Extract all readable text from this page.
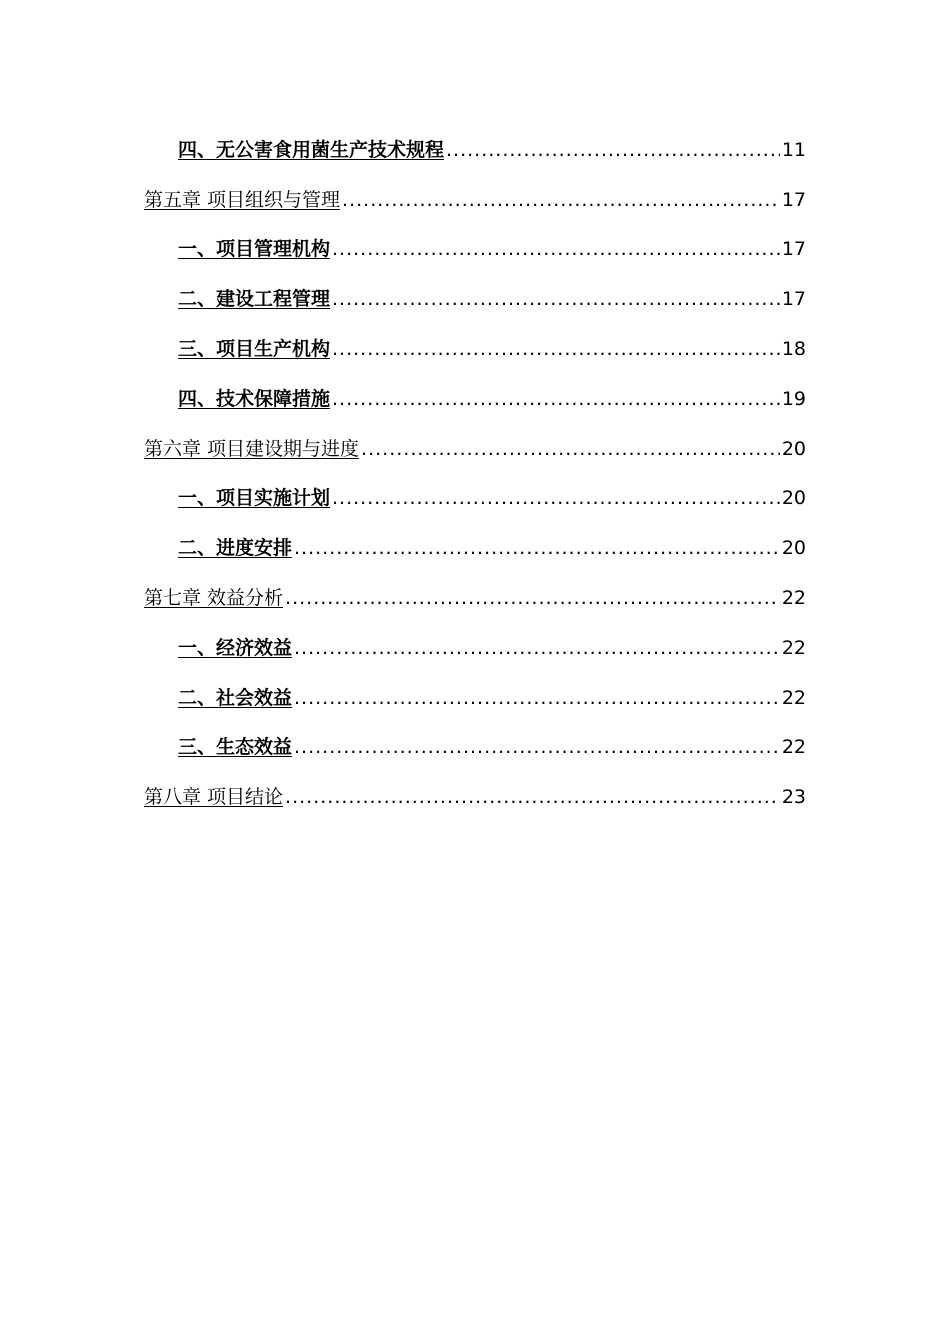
四、无公害食用菌生产技术规程 .....	11
第五章 项目组织与管理 .....	17
一、项目管理机构 .....	17
二、建设工程管理 .....	17
三、项目生产机构 .....	18
四、技术保障措施 .....	19
第六章 项目建设期与进度 .....	20
一、项目实施计划 .....	20
二、进度安排 .....	20
第七章 效益分析 .....	22
一、经济效益 .....	22
二、社会效益 .....	22
三、生态效益 .....	22
第八章 项目结论 .....	23
